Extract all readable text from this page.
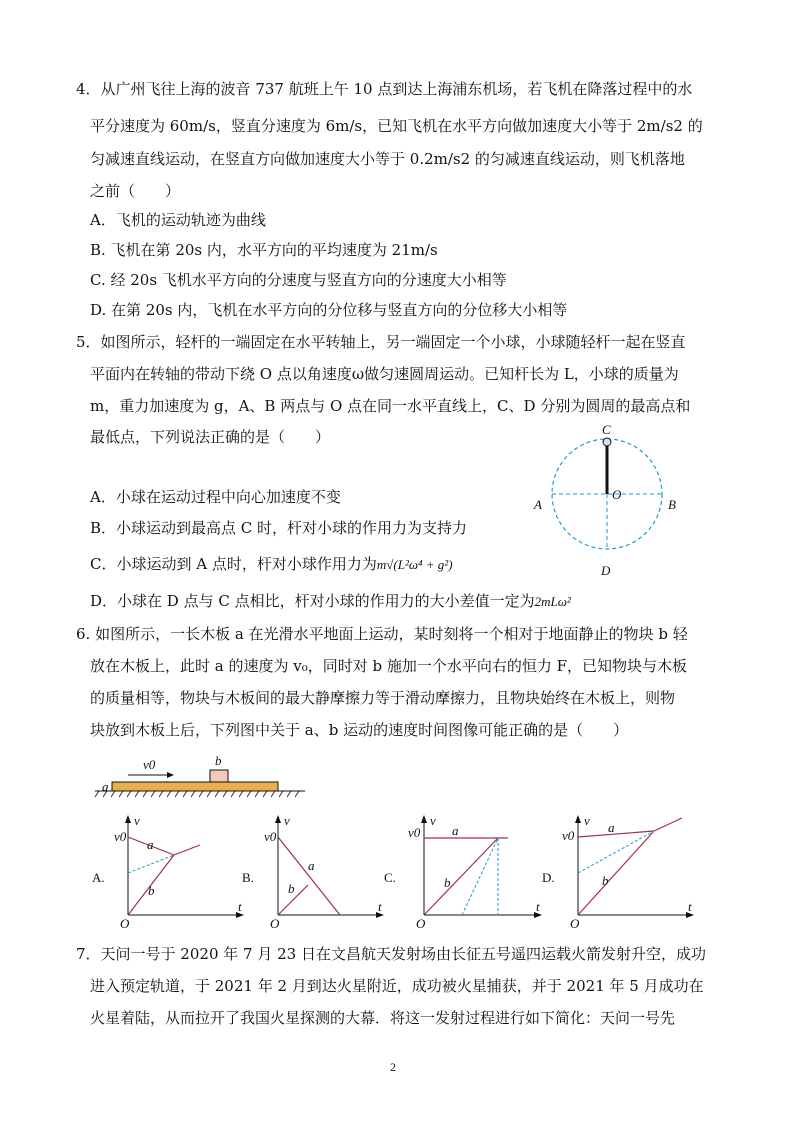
4．从广州飞往上海的波音 737 航班上午 10 点到达上海浦东机场，若飞机在降落过程中的水
平分速度为 60m/s，竖直分速度为 6m/s，已知飞机在水平方向做加速度大小等于 2m/s2 的
匀减速直线运动，在竖直方向做加速度大小等于 0.2m/s2 的匀减速直线运动，则飞机落地
之前（　　）
A．飞机的运动轨迹为曲线
B. 飞机在第 20s 内，水平方向的平均速度为 21m/s
C. 经 20s 飞机水平方向的分速度与竖直方向的分速度大小相等
D. 在第 20s 内，飞机在水平方向的分位移与竖直方向的分位移大小相等
5．如图所示，轻杆的一端固定在水平转轴上，另一端固定一个小球，小球随轻杆一起在竖直
平面内在转轴的带动下绕 O 点以角速度ω做匀速圆周运动。已知杆长为 L，小球的质量为
m，重力加速度为 g，A、B 两点与 O 点在同一水平直线上，C、D 分别为圆周的最高点和
最低点，下列说法正确的是（　　）
A．小球在运动过程中向心加速度不变
B．小球运动到最高点 C 时，杆对小球的作用力为支持力
C．小球运动到 A 点时，杆对小球作用力为m√(L²ω⁴ + g²)
D．小球在 D 点与 C 点相比，杆对小球的作用力的大小差值一定为2mLω²
C
O
A	B
D
6. 如图所示，一长木板 a 在光滑水平地面上运动，某时刻将一个相对于地面静止的物块 b 轻
放在木板上，此时 a 的速度为 v₀，同时对 b 施加一个水平向右的恒力 F，已知物块与木板
的质量相等，物块与木板间的最大静摩擦力等于滑动摩擦力，且物块始终在木板上，则物
块放到木板上后，下列图中关于 a、b 运动的速度时间图像可能正确的是（　　）
v0
a
b
v
t
O
v0
a
b
A.
v
t
O
v0
a
b
B.
v
t
O
v0 a
b
C.
v
t
O
v0
a
b
D.
7．天问一号于 2020 年 7 月 23 日在文昌航天发射场由长征五号遥四运载火箭发射升空，成功
进入预定轨道，于 2021 年 2 月到达火星附近，成功被火星捕获，并于 2021 年 5 月成功在
火星着陆，从而拉开了我国火星探测的大幕．将这一发射过程进行如下简化：天问一号先
2
